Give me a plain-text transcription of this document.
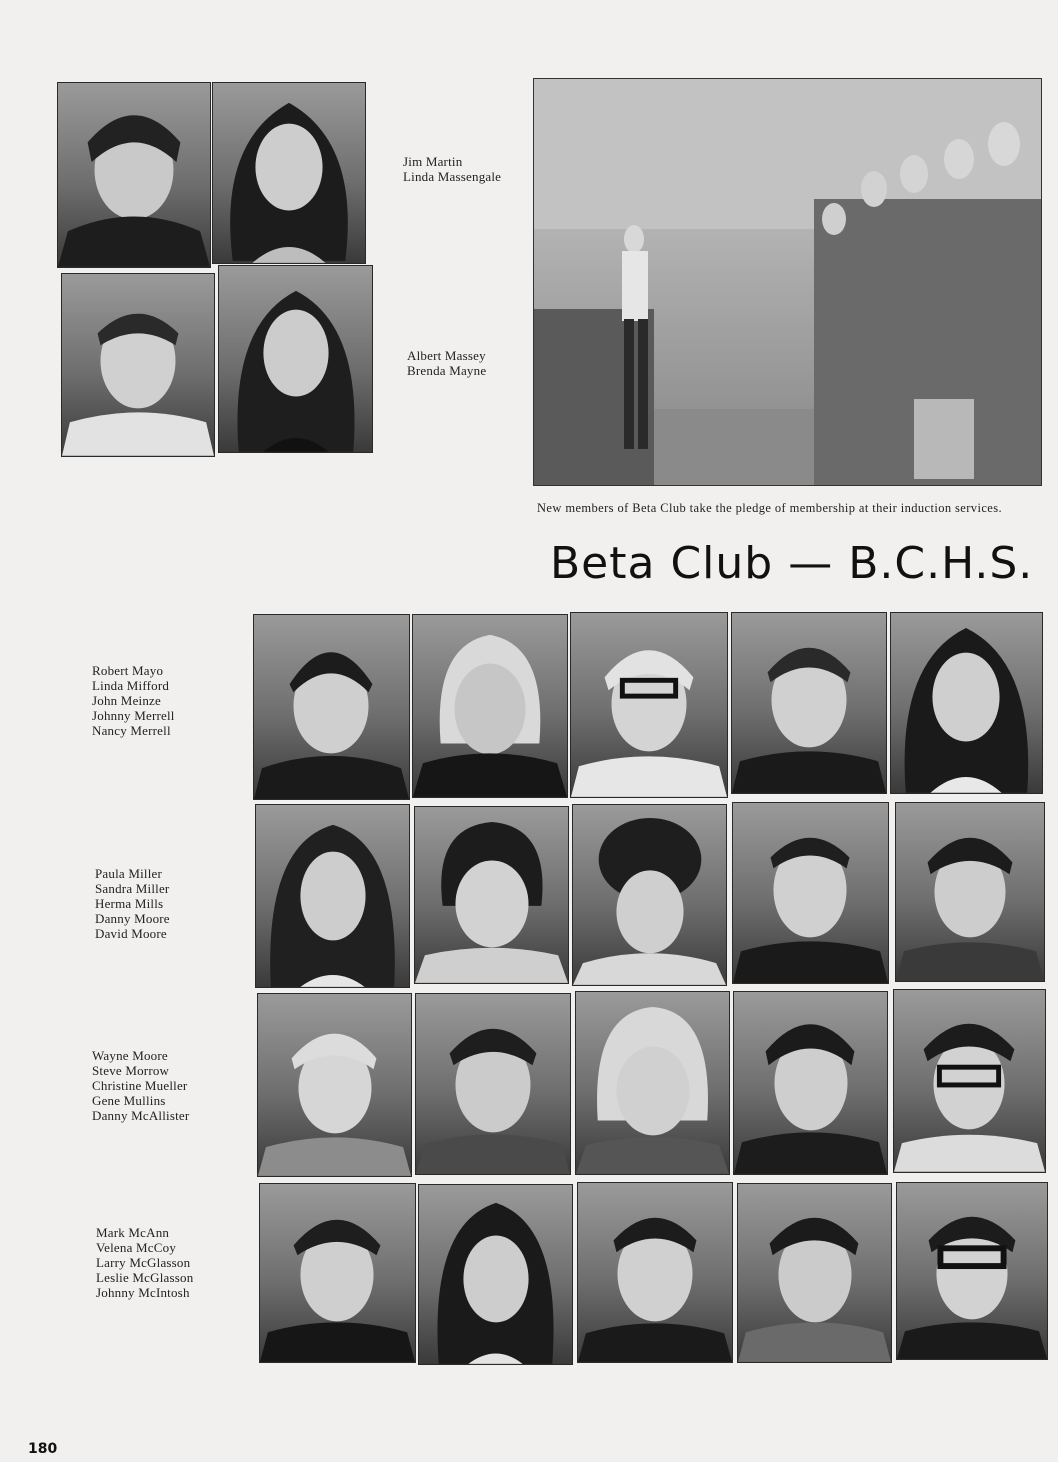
Jim Martin
Linda Massengale
Albert Massey
Brenda Mayne
New members of Beta Club take the pledge of membership at their induction services.
Beta Club — B.C.H.S.
Robert Mayo
Linda Mifford
John Meinze
Johnny Merrell
Nancy Merrell
Paula Miller
Sandra Miller
Herma Mills
Danny Moore
David Moore
Wayne Moore
Steve Morrow
Christine Mueller
Gene Mullins
Danny McAllister
Mark McAnn
Velena McCoy
Larry McGlasson
Leslie McGlasson
Johnny McIntosh
180
